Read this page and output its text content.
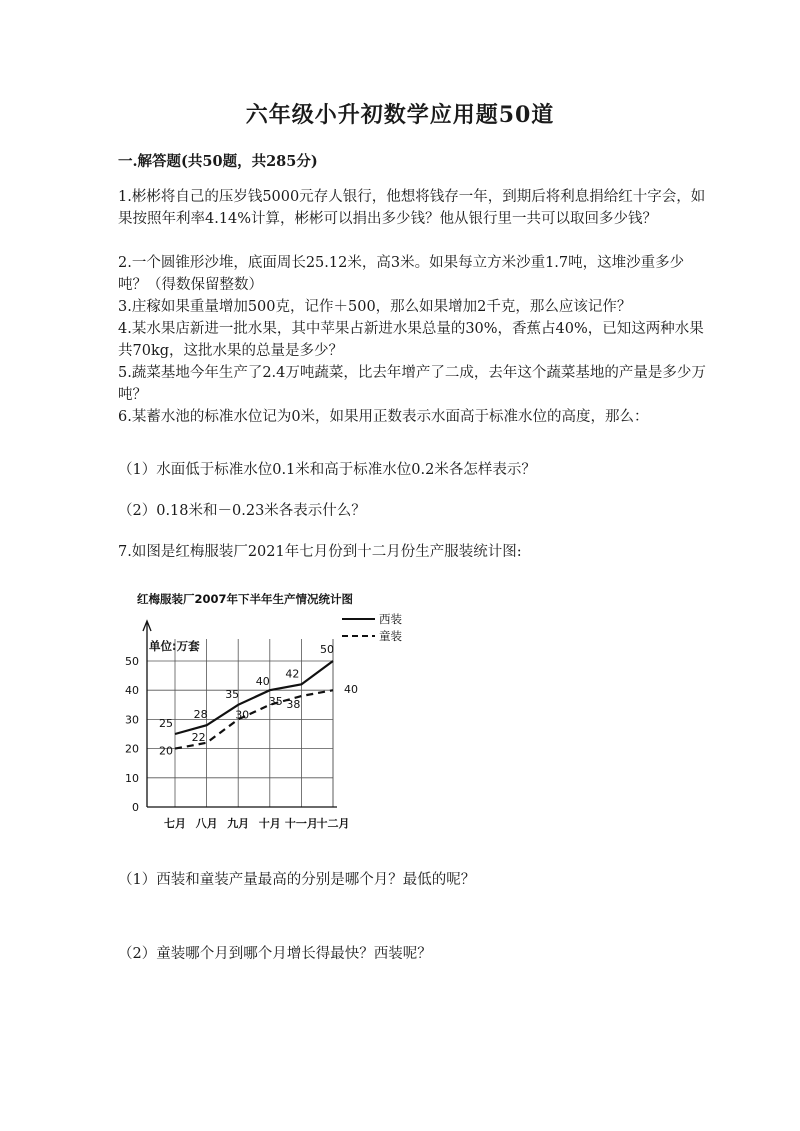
六年级小升初数学应用题50道
一.解答题(共50题，共285分)
1.彬彬将自己的压岁钱5000元存人银行，他想将钱存一年，到期后将利息捐给红十字会，如果按照年利率4.14%计算，彬彬可以捐出多少钱？他从银行里一共可以取回多少钱？
2.一个圆锥形沙堆，底面周长25.12米，高3米。如果每立方米沙重1.7吨，这堆沙重多少吨？（得数保留整数）
3.庄稼如果重量增加500克，记作＋500，那么如果增加2千克，那么应该记作？
4.某水果店新进一批水果，其中苹果占新进水果总量的30%，香蕉占40%，已知这两种水果共70kg，这批水果的总量是多少？
5.蔬菜基地今年生产了2.4万吨蔬菜，比去年增产了二成，去年这个蔬菜基地的产量是多少万吨？
6.某蓄水池的标准水位记为0米，如果用正数表示水面高于标准水位的高度，那么：
（1）水面低于标准水位0.1米和高于标准水位0.2米各怎样表示？
（2）0.18米和－0.23米各表示什么？
7.如图是红梅服装厂2021年七月份到十二月份生产服装统计图:
红梅服装厂2007年下半年生产情况统计图
西装
童装
单位:万套
0
10
20
30
40
50
七月 八月 九月 十月 十一月
十二月
25
28
35
40
42
50
20
22
30
35 38
40
（1）西装和童装产量最高的分别是哪个月？最低的呢？
（2）童装哪个月到哪个月增长得最快？西装呢？
